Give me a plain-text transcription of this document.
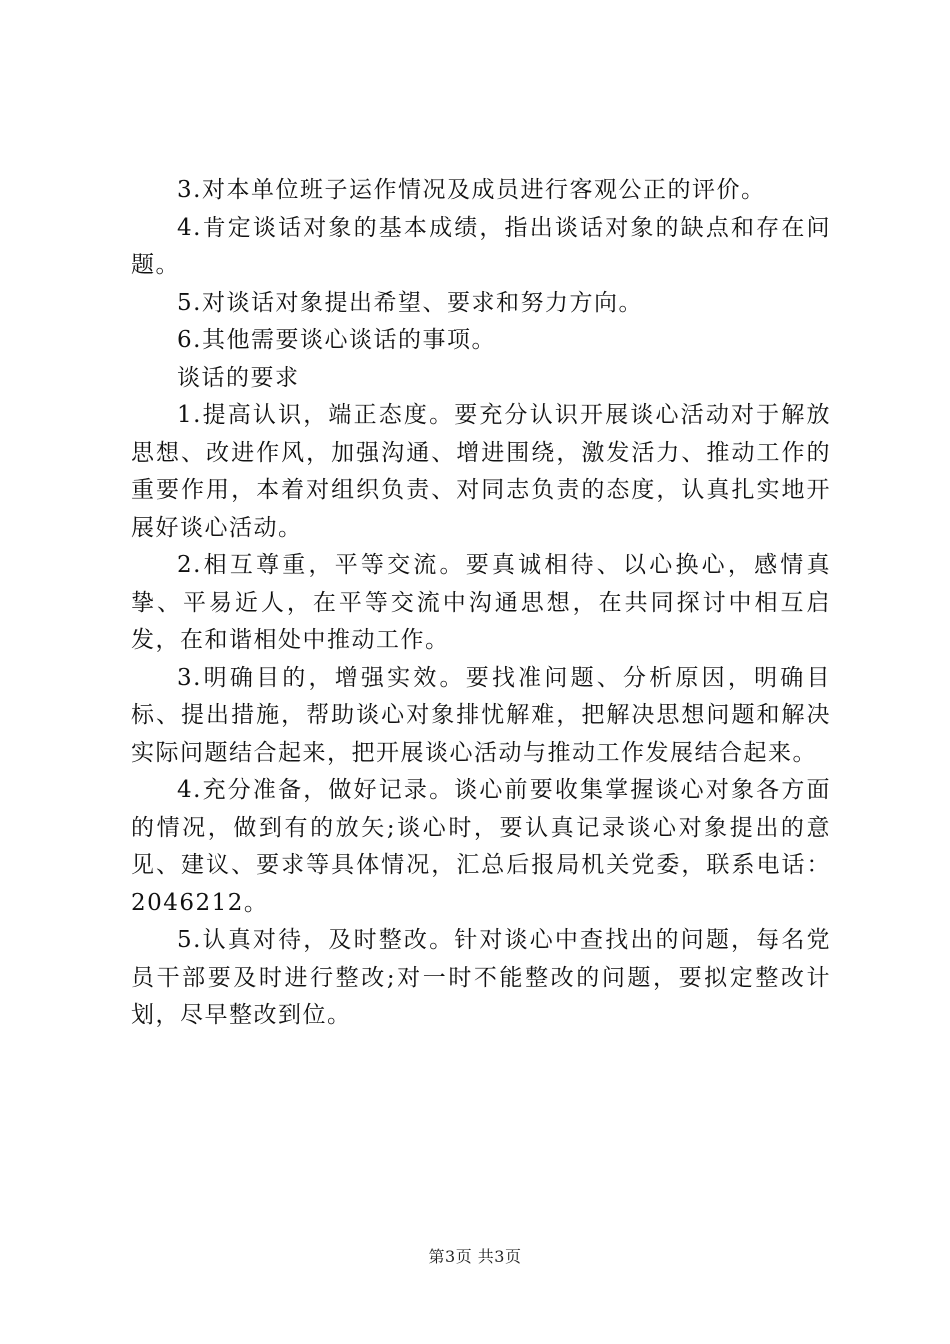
3.对本单位班子运作情况及成员进行客观公正的评价。

4.肯定谈话对象的基本成绩，指出谈话对象的缺点和存在问题。

5.对谈话对象提出希望、要求和努力方向。

6.其他需要谈心谈话的事项。

谈话的要求

1.提高认识，端正态度。要充分认识开展谈心活动对于解放思想、改进作风，加强沟通、增进围绕，激发活力、推动工作的重要作用，本着对组织负责、对同志负责的态度，认真扎实地开展好谈心活动。

2.相互尊重，平等交流。要真诚相待、以心换心，感情真挚、平易近人，在平等交流中沟通思想，在共同探讨中相互启发，在和谐相处中推动工作。

3.明确目的，增强实效。要找准问题、分析原因，明确目标、提出措施，帮助谈心对象排忧解难，把解决思想问题和解决实际问题结合起来，把开展谈心活动与推动工作发展结合起来。

4.充分准备，做好记录。谈心前要收集掌握谈心对象各方面的情况，做到有的放矢;谈心时，要认真记录谈心对象提出的意见、建议、要求等具体情况，汇总后报局机关党委，联系电话：2046212。

5.认真对待，及时整改。针对谈心中查找出的问题，每名党员干部要及时进行整改;对一时不能整改的问题，要拟定整改计划，尽早整改到位。

第3页 共3页
